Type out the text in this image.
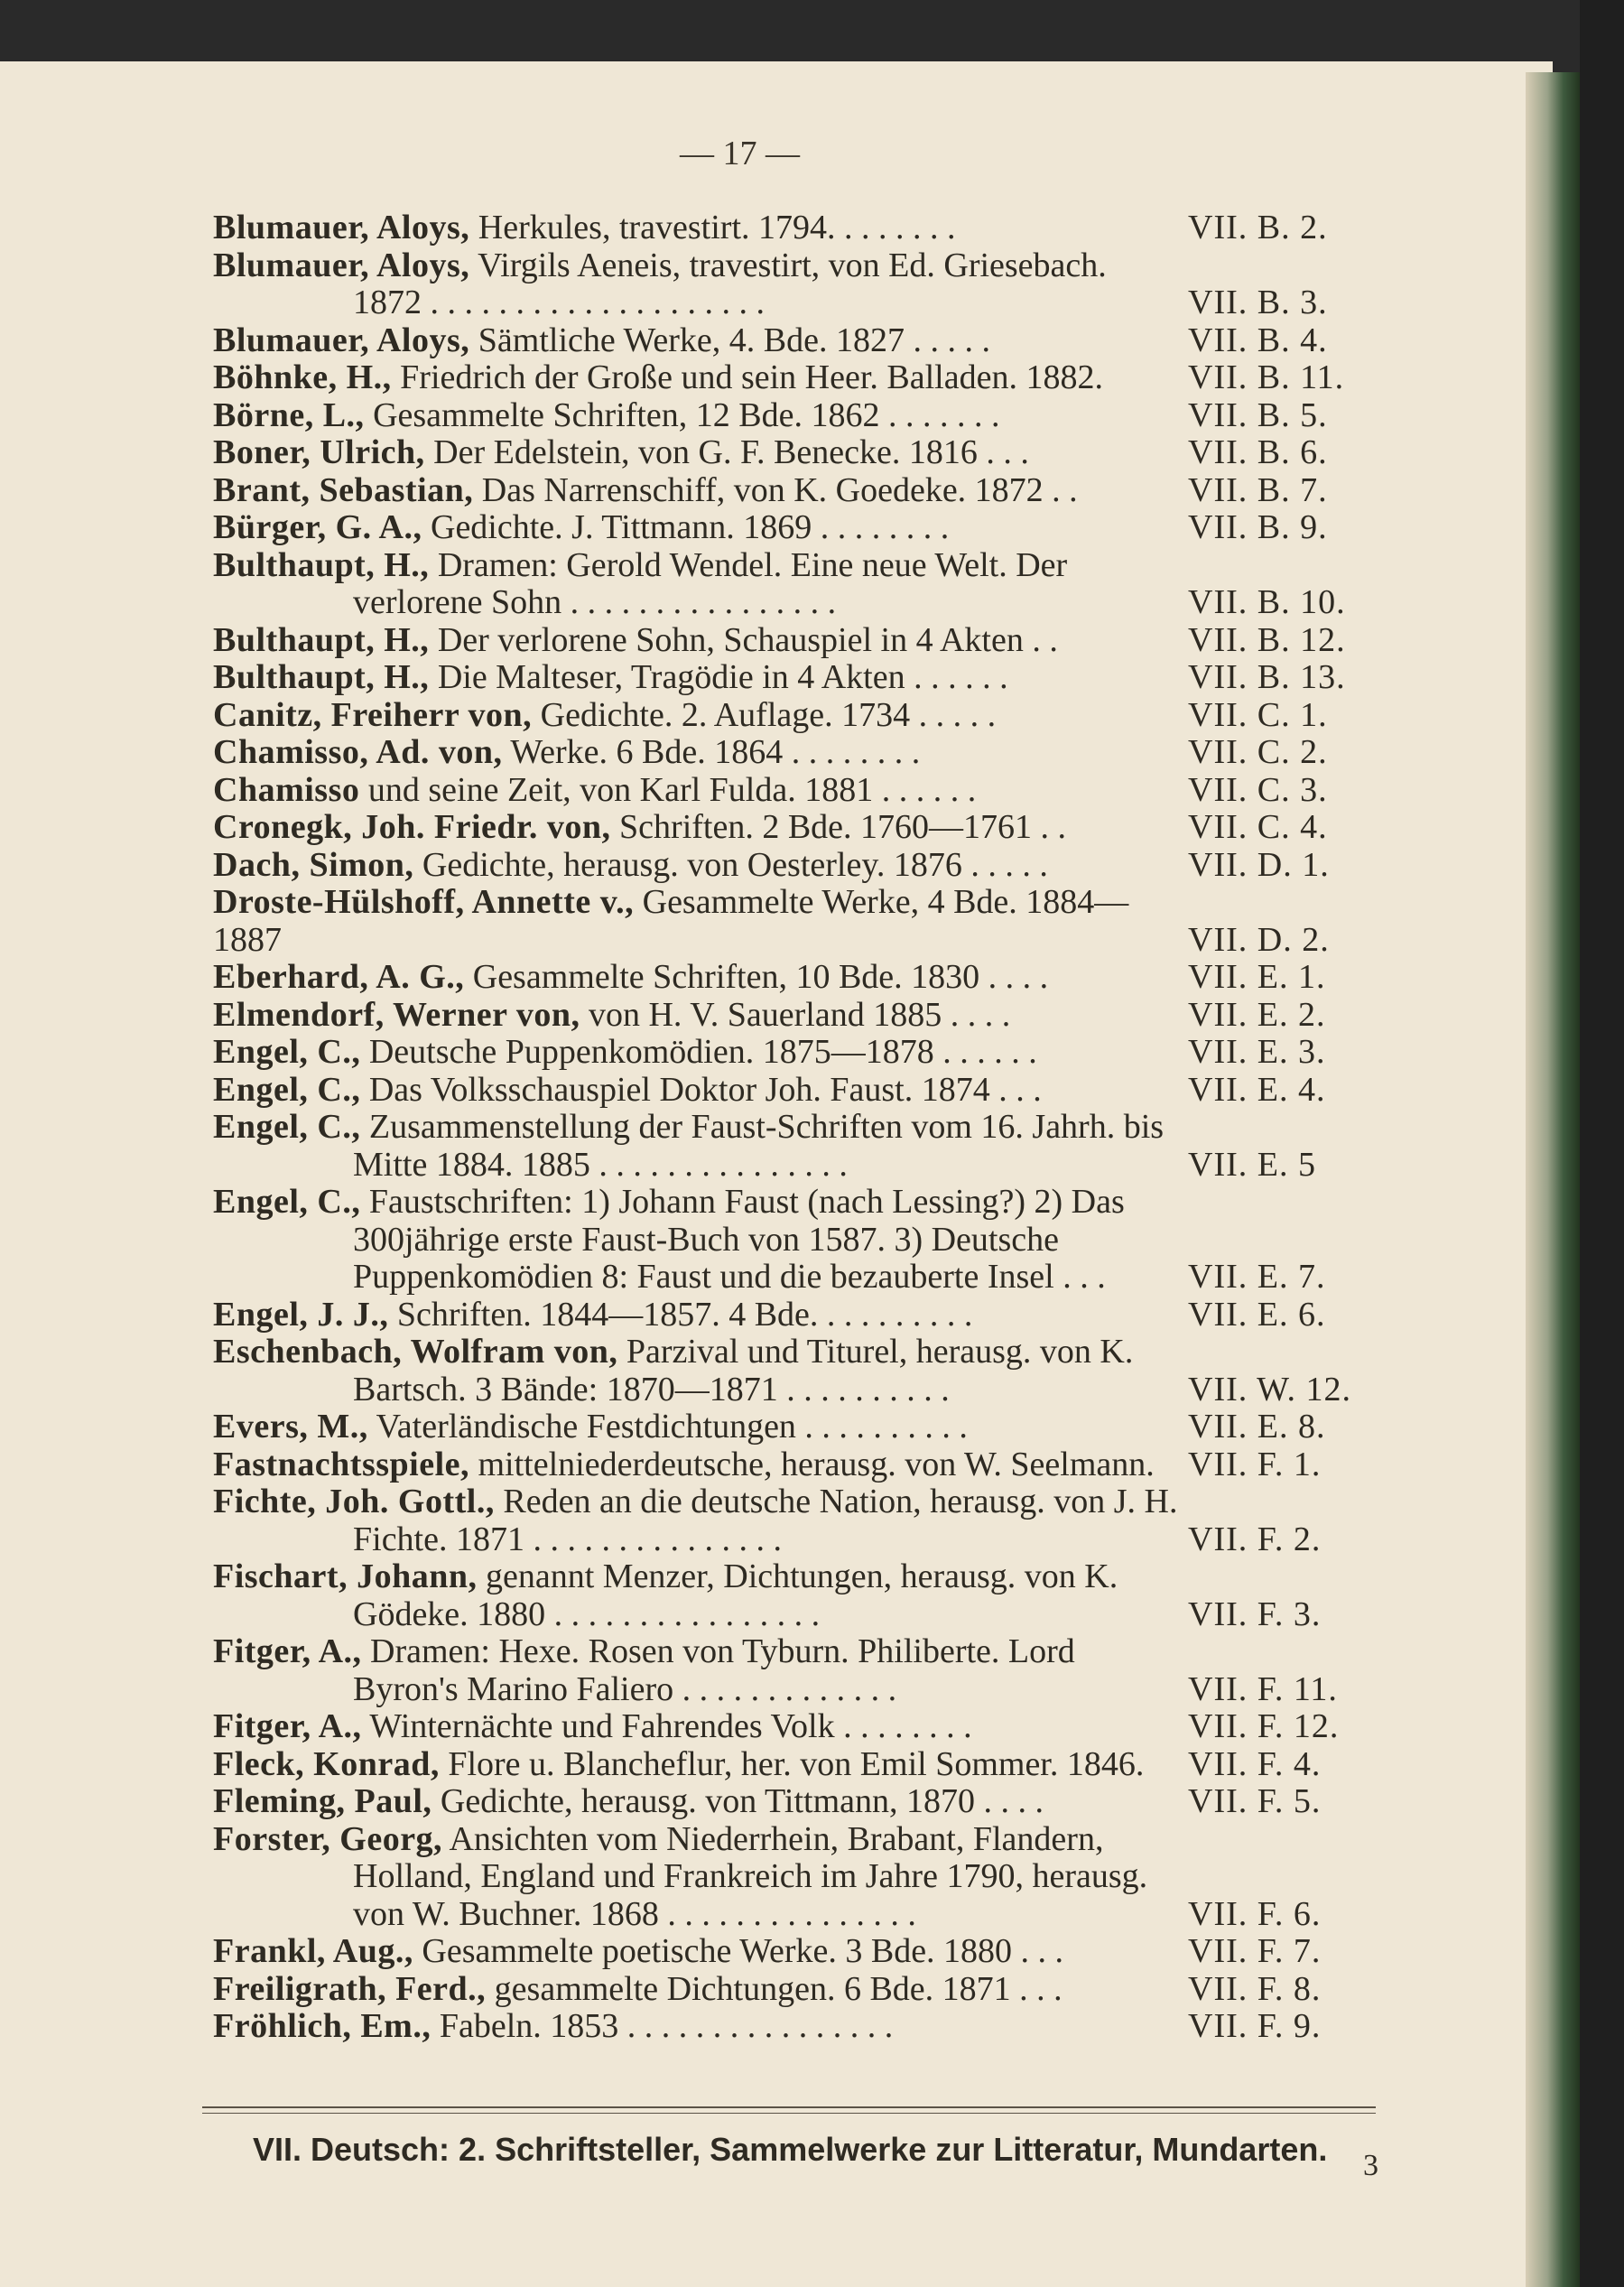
— 17 —
Blumauer, Aloys, Herkules, travestirt. 1794. . . . . . . .	VII. B. 2.
Blumauer, Aloys, Virgils Aeneis, travestirt, von Ed. Griesebach. 1872 . . . . . . . . . . . . . . . . . . . .	VII. B. 3.
Blumauer, Aloys, Sämtliche Werke, 4. Bde. 1827 . . . . .	VII. B. 4.
Böhnke, H., Friedrich der Große und sein Heer. Balladen. 1882.	VII. B. 11.
Börne, L., Gesammelte Schriften, 12 Bde. 1862 . . . . . . .	VII. B. 5.
Boner, Ulrich, Der Edelstein, von G. F. Benecke. 1816 . . .	VII. B. 6.
Brant, Sebastian, Das Narrenschiff, von K. Goedeke. 1872 . .	VII. B. 7.
Bürger, G. A., Gedichte. J. Tittmann. 1869 . . . . . . . .	VII. B. 9.
Bulthaupt, H., Dramen: Gerold Wendel. Eine neue Welt. Der verlorene Sohn . . . . . . . . . . . . . . . .	VII. B. 10.
Bulthaupt, H., Der verlorene Sohn, Schauspiel in 4 Akten . .	VII. B. 12.
Bulthaupt, H., Die Malteser, Tragödie in 4 Akten . . . . . .	VII. B. 13.
Canitz, Freiherr von, Gedichte. 2. Auflage. 1734 . . . . .	VII. C. 1.
Chamisso, Ad. von, Werke. 6 Bde. 1864 . . . . . . . .	VII. C. 2.
Chamisso und seine Zeit, von Karl Fulda. 1881 . . . . . .	VII. C. 3.
Cronegk, Joh. Friedr. von, Schriften. 2 Bde. 1760—1761 . .	VII. C. 4.
Dach, Simon, Gedichte, herausg. von Oesterley. 1876 . . . . .	VII. D. 1.
Droste-Hülshoff, Annette v., Gesammelte Werke, 4 Bde. 1884—1887	VII. D. 2.
Eberhard, A. G., Gesammelte Schriften, 10 Bde. 1830 . . . .	VII. E. 1.
Elmendorf, Werner von, von H. V. Sauerland 1885 . . . .	VII. E. 2.
Engel, C., Deutsche Puppenkomödien. 1875—1878 . . . . . .	VII. E. 3.
Engel, C., Das Volksschauspiel Doktor Joh. Faust. 1874 . . .	VII. E. 4.
Engel, C., Zusammenstellung der Faust-Schriften vom 16. Jahrh. bis Mitte 1884. 1885 . . . . . . . . . . . . . . .	VII. E. 5
Engel, C., Faustschriften: 1) Johann Faust (nach Lessing?) 2) Das 300jährige erste Faust-Buch von 1587. 3) Deutsche Puppenkomödien 8: Faust und die bezauberte Insel . . .	VII. E. 7.
Engel, J. J., Schriften. 1844—1857. 4 Bde. . . . . . . . . .	VII. E. 6.
Eschenbach, Wolfram von, Parzival und Titurel, herausg. von K. Bartsch. 3 Bände: 1870—1871 . . . . . . . . . .	VII. W. 12.
Evers, M., Vaterländische Festdichtungen . . . . . . . . . .	VII. E. 8.
Fastnachtsspiele, mittelniederdeutsche, herausg. von W. Seelmann. VII. F. 1.
Fichte, Joh. Gottl., Reden an die deutsche Nation, herausg. von J. H. Fichte. 1871 . . . . . . . . . . . . . . .	VII. F. 2.
Fischart, Johann, genannt Menzer, Dichtungen, herausg. von K. Gödeke. 1880 . . . . . . . . . . . . . . . .	VII. F. 3.
Fitger, A., Dramen: Hexe. Rosen von Tyburn. Philiberte. Lord Byron's Marino Faliero . . . . . . . . . . . . .	VII. F. 11.
Fitger, A., Winternächte und Fahrendes Volk . . . . . . . .	VII. F. 12.
Fleck, Konrad, Flore u. Blancheflur, her. von Emil Sommer. 1846.	VII. F. 4.
Fleming, Paul, Gedichte, herausg. von Tittmann, 1870 . . . .	VII. F. 5.
Forster, Georg, Ansichten vom Niederrhein, Brabant, Flandern, Holland, England und Frankreich im Jahre 1790, herausg. von W. Buchner. 1868 . . . . . . . . . . . . . . .	VII. F. 6.
Frankl, Aug., Gesammelte poetische Werke. 3 Bde. 1880 . . .	VII. F. 7.
Freiligrath, Ferd., gesammelte Dichtungen. 6 Bde. 1871 . . .	VII. F. 8.
Fröhlich, Em., Fabeln. 1853 . . . . . . . . . . . . . . . .	VII. F. 9.
VII. Deutsch: 2. Schriftsteller, Sammelwerke zur Litteratur, Mundarten.	3
